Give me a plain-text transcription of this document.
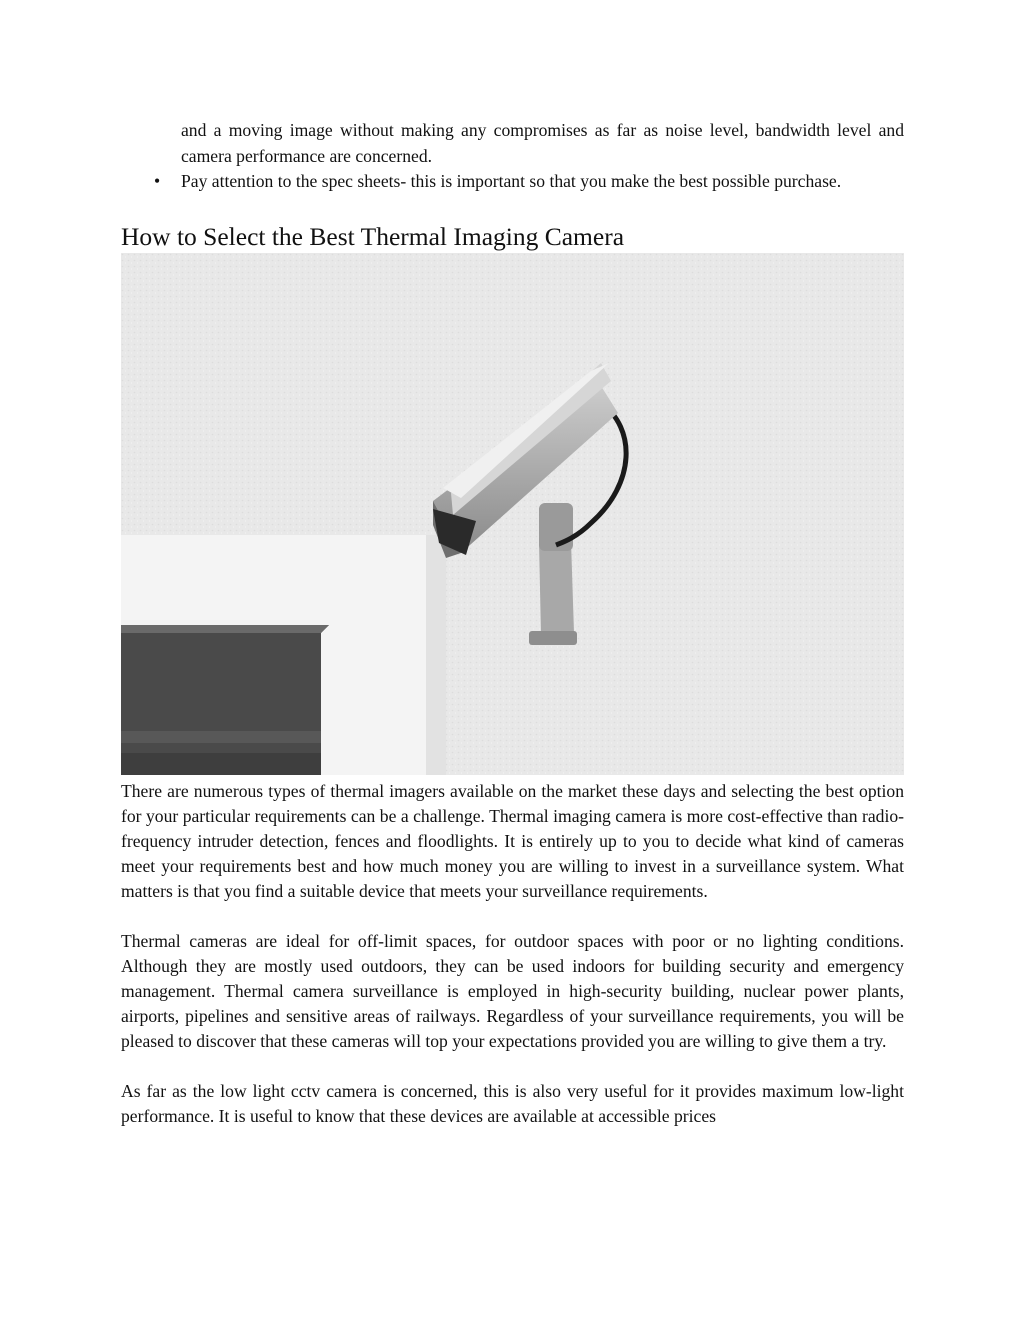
and a moving image without making any compromises as far as noise level, bandwidth level and camera performance are concerned.
• Pay attention to the spec sheets- this is important so that you make the best possible purchase.
How to Select the Best Thermal Imaging Camera

There are numerous types of thermal imagers available on the market these days and selecting the best option for your particular requirements can be a challenge. Thermal imaging camera is more cost-effective than radio-frequency intruder detection, fences and floodlights. It is entirely up to you to decide what kind of cameras meet your requirements best and how much money you are willing to invest in a surveillance system. What matters is that you find a suitable device that meets your surveillance requirements.

Thermal cameras are ideal for off-limit spaces, for outdoor spaces with poor or no lighting conditions. Although they are mostly used outdoors, they can be used indoors for building security and emergency management. Thermal camera surveillance is employed in high-security building, nuclear power plants, airports, pipelines and sensitive areas of railways. Regardless of your surveillance requirements, you will be pleased to discover that these cameras will top your expectations provided you are willing to give them a try.

As far as the low light cctv camera is concerned, this is also very useful for it provides maximum low-light performance. It is useful to know that these devices are available at accessible prices
